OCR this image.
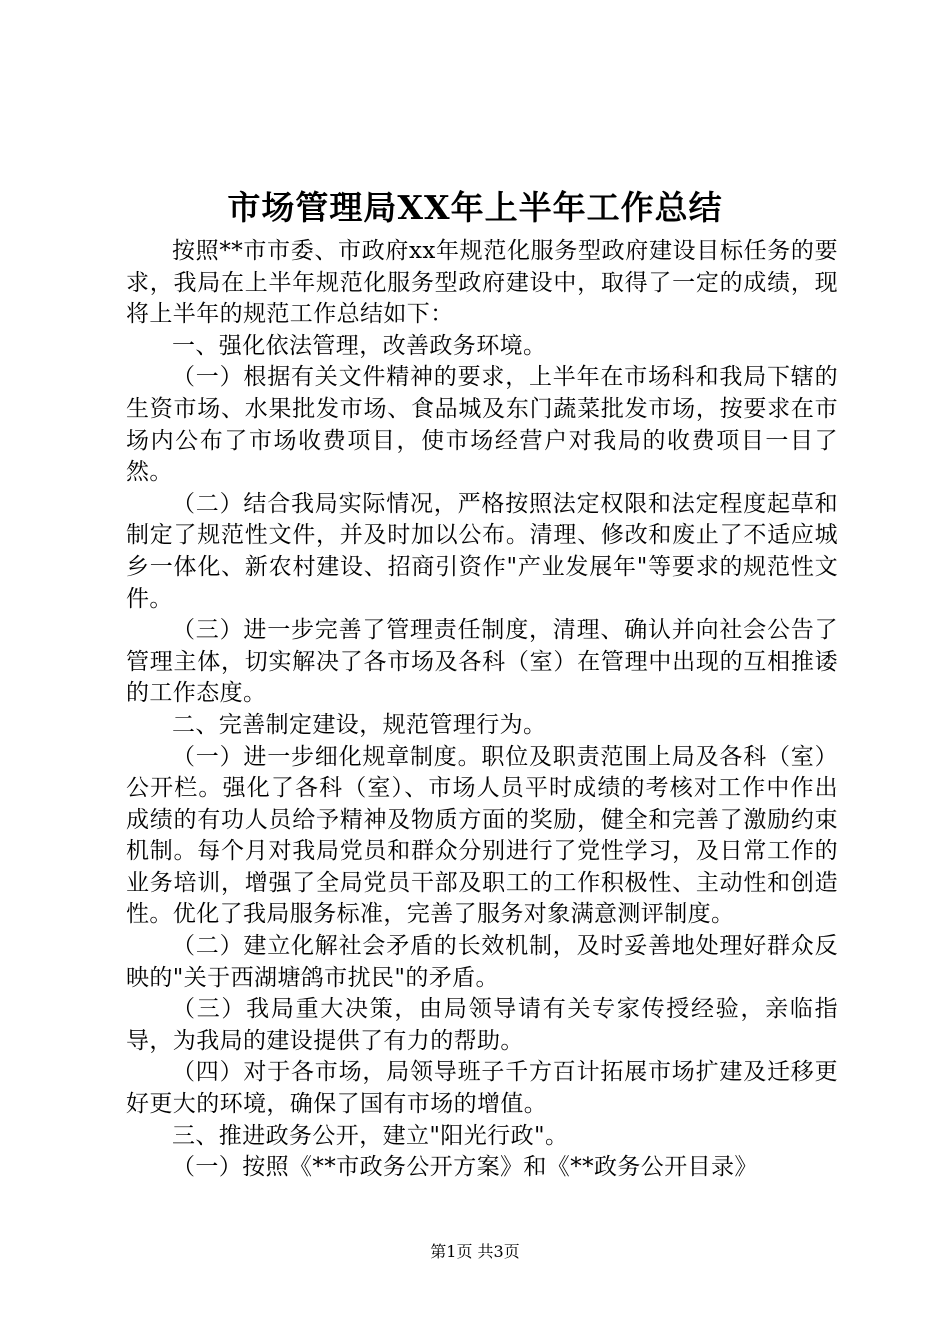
市场管理局XX年上半年工作总结

按照**市市委、市政府xx年规范化服务型政府建设目标任务的要求，我局在上半年规范化服务型政府建设中，取得了一定的成绩，现将上半年的规范工作总结如下：

一、强化依法管理，改善政务环境。

（一）根据有关文件精神的要求，上半年在市场科和我局下辖的生资市场、水果批发市场、食品城及东门蔬菜批发市场，按要求在市场内公布了市场收费项目，使市场经营户对我局的收费项目一目了然。

（二）结合我局实际情况，严格按照法定权限和法定程度起草和制定了规范性文件，并及时加以公布。清理、修改和废止了不适应城乡一体化、新农村建设、招商引资作"产业发展年"等要求的规范性文件。

（三）进一步完善了管理责任制度，清理、确认并向社会公告了管理主体，切实解决了各市场及各科（室）在管理中出现的互相推诿的工作态度。

二、完善制定建设，规范管理行为。

（一）进一步细化规章制度。职位及职责范围上局及各科（室）公开栏。强化了各科（室）、市场人员平时成绩的考核对工作中作出成绩的有功人员给予精神及物质方面的奖励，健全和完善了激励约束机制。每个月对我局党员和群众分别进行了党性学习，及日常工作的业务培训，增强了全局党员干部及职工的工作积极性、主动性和创造性。优化了我局服务标准，完善了服务对象满意测评制度。

（二）建立化解社会矛盾的长效机制，及时妥善地处理好群众反映的"关于西湖塘鸽市扰民"的矛盾。

（三）我局重大决策，由局领导请有关专家传授经验，亲临指导，为我局的建设提供了有力的帮助。

（四）对于各市场，局领导班子千方百计拓展市场扩建及迁移更好更大的环境，确保了国有市场的增值。

三、推进政务公开，建立"阳光行政"。

（一）按照《**市政务公开方案》和《**政务公开目录》

第1页 共3页
